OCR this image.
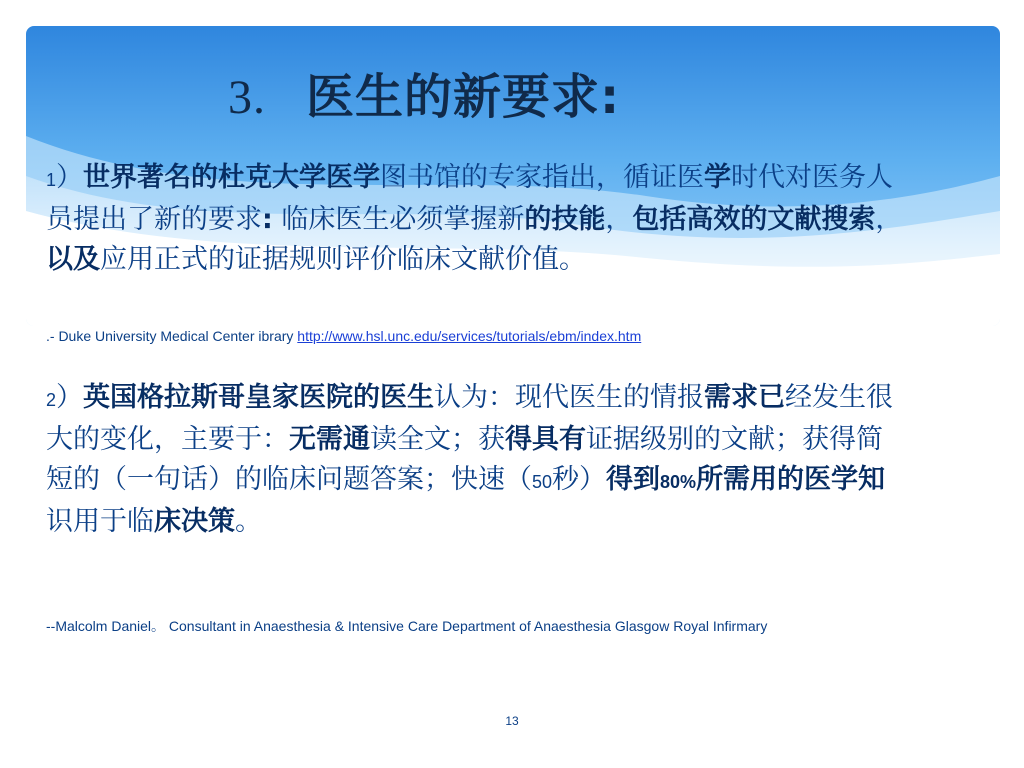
3. 医生的新要求:
1）世界著名的杜克大学医学图书馆的专家指出，循证医学时代对医务人员提出了新的要求: 临床医生必须掌握新的技能，包括高效的文献搜索，以及应用正式的证据规则评价临床文献价值。
.- Duke University Medical Center ibrary http://www.hsl.unc.edu/services/tutorials/ebm/index.htm
2）英国格拉斯哥皇家医院的医生认为：现代医生的情报需求已经发生很大的变化，主要于：无需通读全文；获得具有证据级别的文献；获得简短的（一句话）的临床问题答案；快速（50秒）得到80%所需用的医学知识用于临床决策。
--Malcolm Daniel。 Consultant in Anaesthesia & Intensive Care Department of Anaesthesia Glasgow Royal Infirmary
13
